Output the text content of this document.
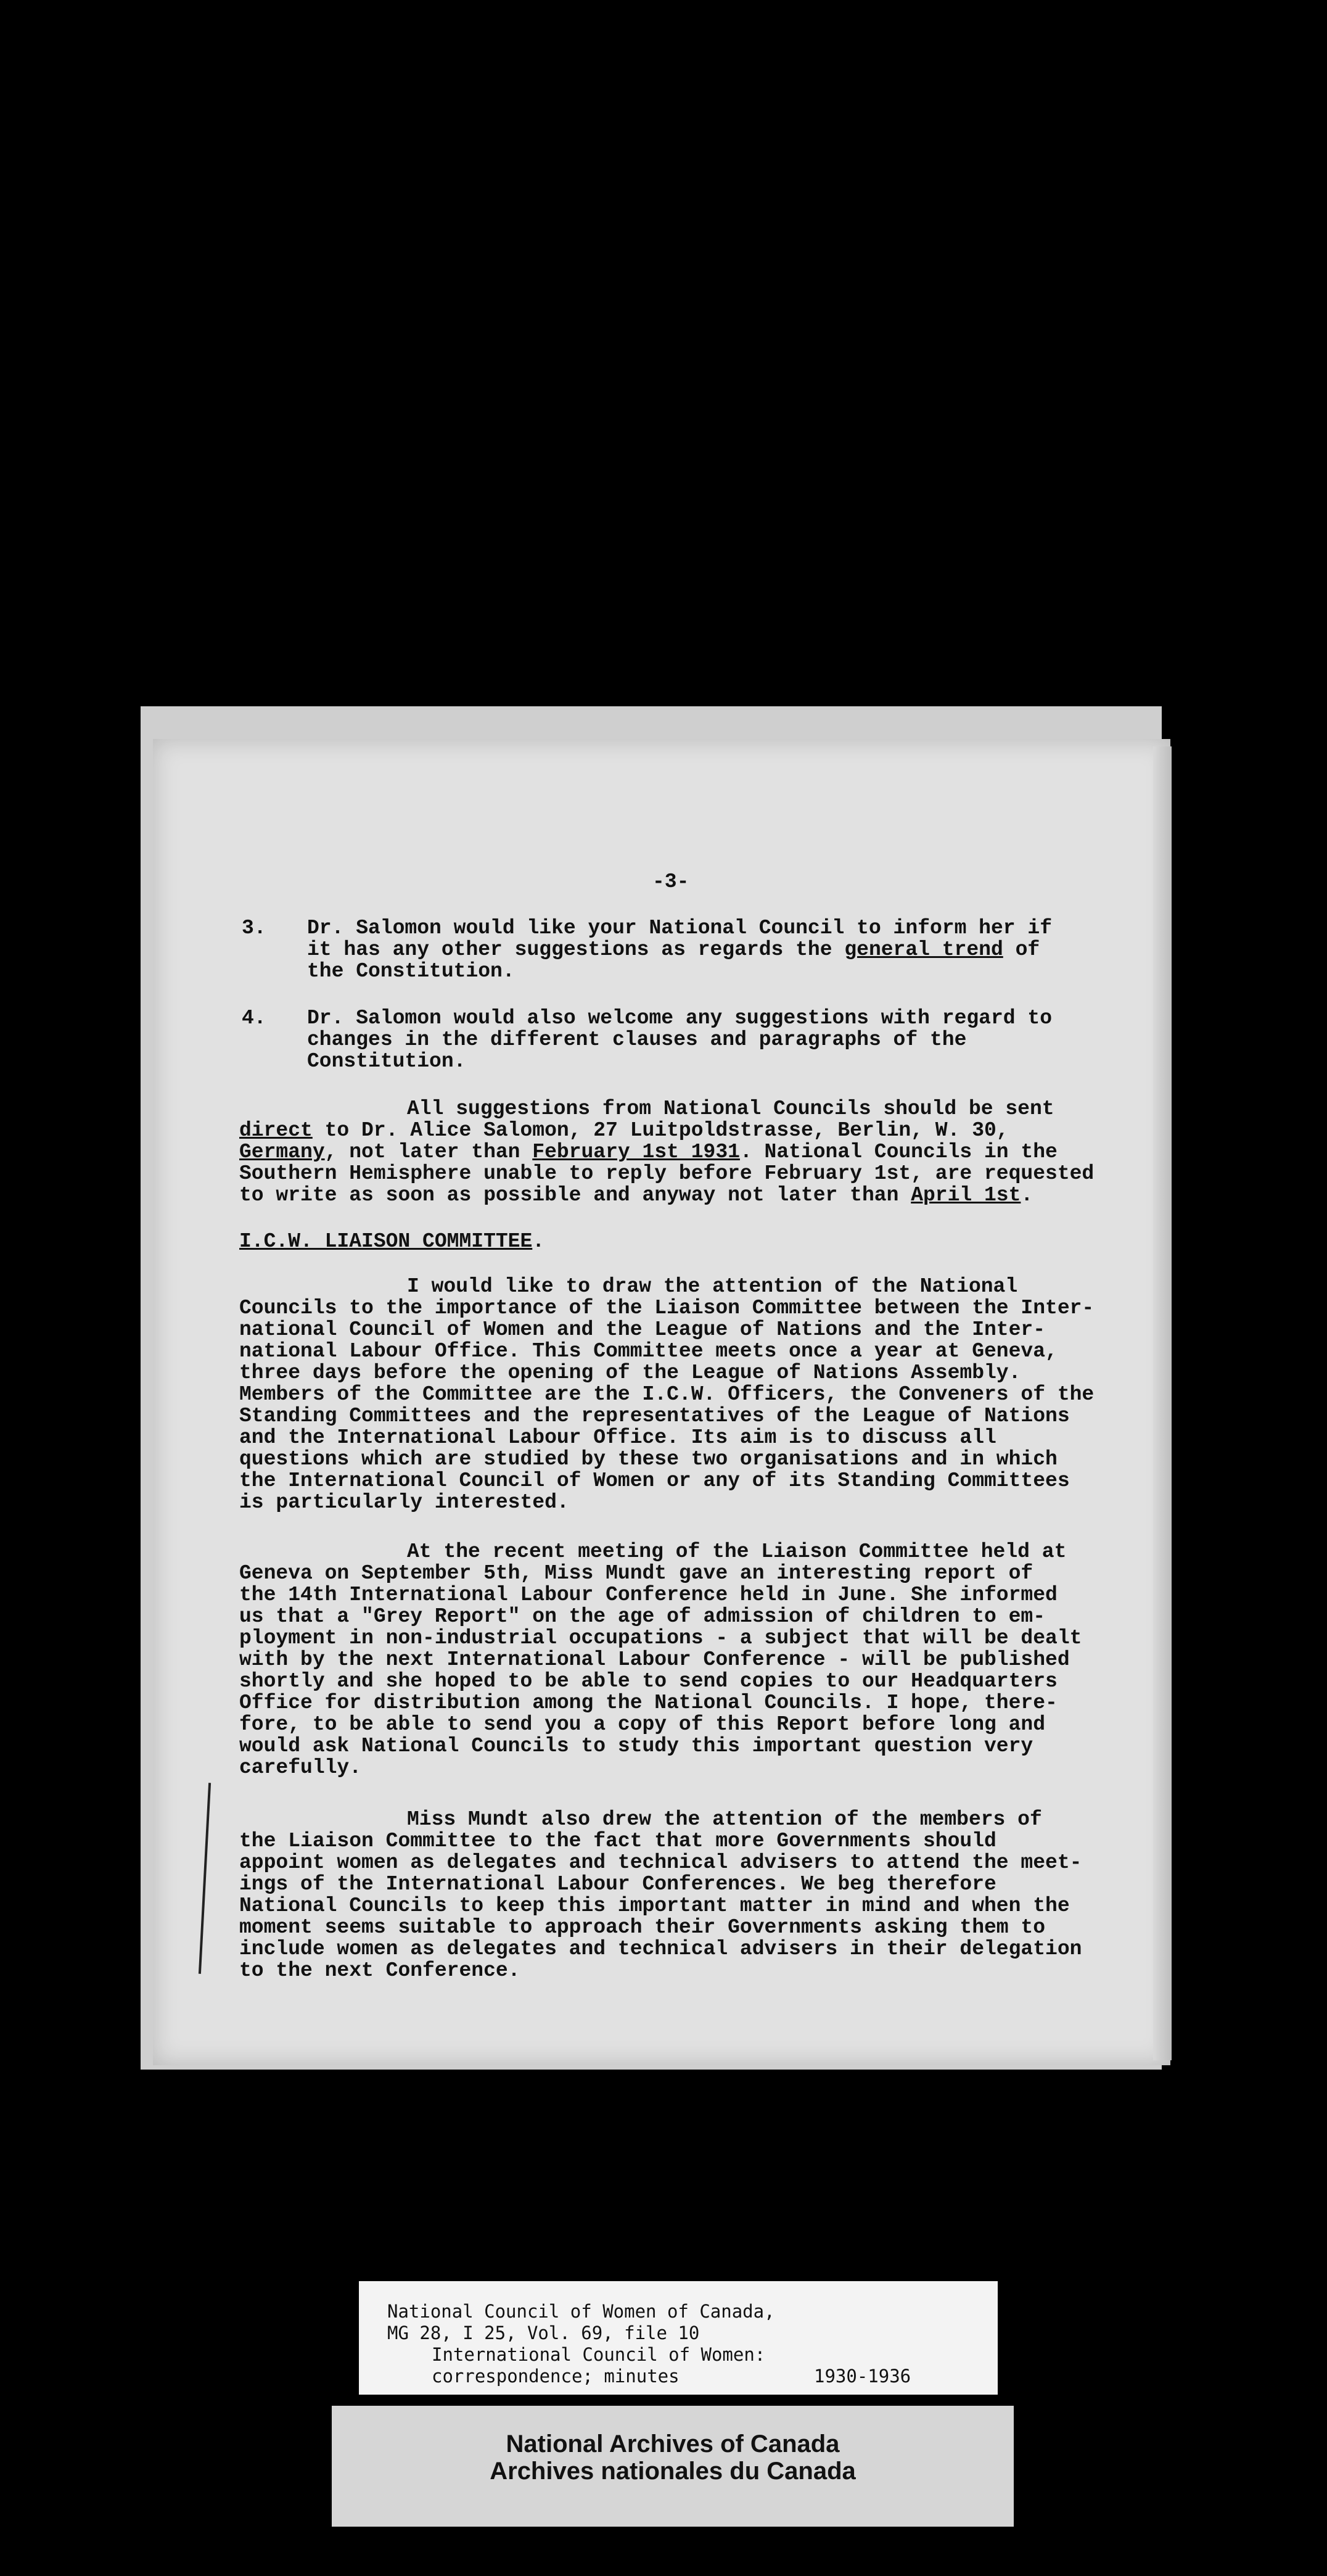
-3-
3. Dr. Salomon would like your National Council to inform her if
it has any other suggestions as regards the general trend of
the Constitution.
4. Dr. Salomon would also welcome any suggestions with regard to
changes in the different clauses and paragraphs of the
Constitution.
All suggestions from National Councils should be sent
direct to Dr. Alice Salomon, 27 Luitpoldstrasse, Berlin, W. 30,
Germany, not later than February 1st 1931. National Councils in the
Southern Hemisphere unable to reply before February 1st, are requested
to write as soon as possible and anyway not later than April 1st.
I.C.W. LIAISON COMMITTEE.
I would like to draw the attention of the National
Councils to the importance of the Liaison Committee between the Inter-
national Council of Women and the League of Nations and the Inter-
national Labour Office. This Committee meets once a year at Geneva,
three days before the opening of the League of Nations Assembly.
Members of the Committee are the I.C.W. Officers, the Conveners of the
Standing Committees and the representatives of the League of Nations
and the International Labour Office. Its aim is to discuss all
questions which are studied by these two organisations and in which
the International Council of Women or any of its Standing Committees
is particularly interested.
At the recent meeting of the Liaison Committee held at
Geneva on September 5th, Miss Mundt gave an interesting report of
the 14th International Labour Conference held in June. She informed
us that a "Grey Report" on the age of admission of children to em-
ployment in non-industrial occupations - a subject that will be dealt
with by the next International Labour Conference - will be published
shortly and she hoped to be able to send copies to our Headquarters
Office for distribution among the National Councils. I hope, there-
fore, to be able to send you a copy of this Report before long and
would ask National Councils to study this important question very
carefully.
Miss Mundt also drew the attention of the members of
the Liaison Committee to the fact that more Governments should
appoint women as delegates and technical advisers to attend the meet-
ings of the International Labour Conferences. We beg therefore
National Councils to keep this important matter in mind and when the
moment seems suitable to approach their Governments asking them to
include women as delegates and technical advisers in their delegation
to the next Conference.
National Council of Women of Canada,
MG 28, I 25, Vol. 69, file 10
International Council of Women:
correspondence; minutes	1930-1936
National Archives of Canada
Archives nationales du Canada
